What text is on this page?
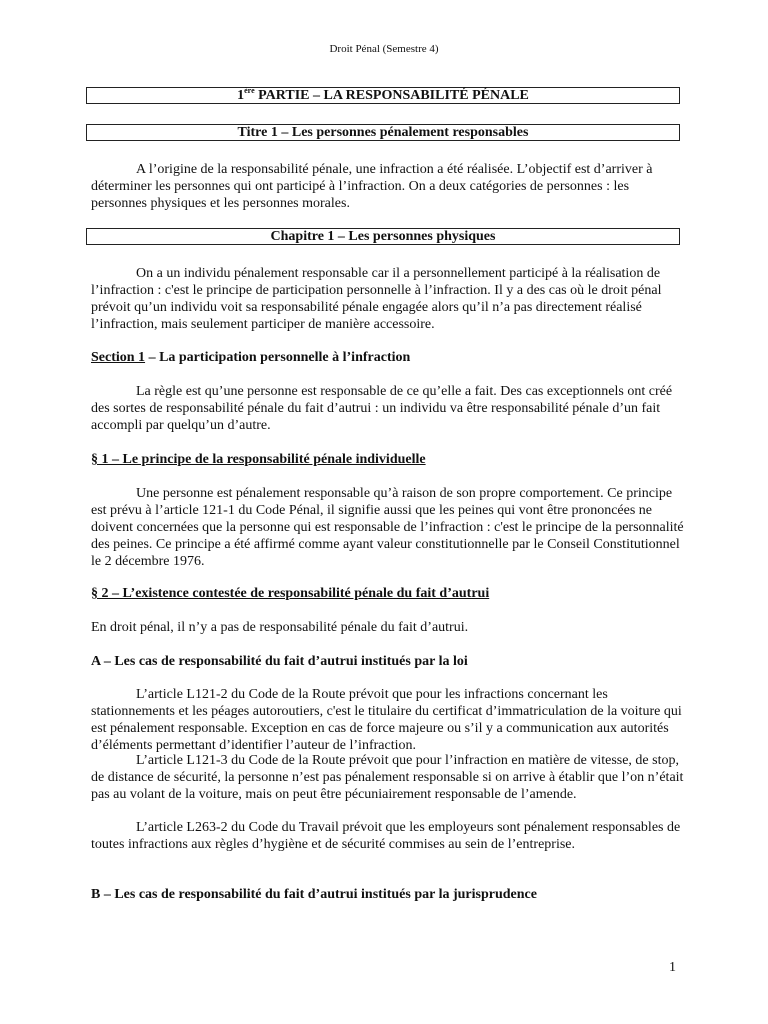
Droit Pénal (Semestre 4)
1ère PARTIE – LA RESPONSABILITÉ PÉNALE
Titre 1 – Les personnes pénalement responsables

A l’origine de la responsabilité pénale, une infraction a été réalisée. L’objectif est d’arriver à déterminer les personnes qui ont participé à l’infraction. On a deux catégories de personnes : les personnes physiques et les personnes morales.

Chapitre 1 – Les personnes physiques

On a un individu pénalement responsable car il a personnellement participé à la réalisation de l’infraction : c'est le principe de participation personnelle à l’infraction. Il y a des cas où le droit pénal prévoit qu’un individu voit sa responsabilité pénale engagée alors qu’il n’a pas directement réalisé l’infraction, mais seulement participer de manière accessoire.

Section 1 – La participation personnelle à l’infraction

La règle est qu’une personne est responsable de ce qu’elle a fait. Des cas exceptionnels ont créé des sortes de responsabilité pénale du fait d’autrui : un individu va être responsabilité pénale d’un fait accompli par quelqu’un d’autre.

§ 1 – Le principe de la responsabilité pénale individuelle

Une personne est pénalement responsable qu’à raison de son propre comportement. Ce principe est prévu à l’article 121-1 du Code Pénal, il signifie aussi que les peines qui vont être prononcées ne doivent concernées que la personne qui est responsable de l’infraction : c'est le principe de la personnalité des peines. Ce principe a été affirmé comme ayant valeur constitutionnelle par le Conseil Constitutionnel le 2 décembre 1976.

§ 2 – L’existence contestée de responsabilité pénale du fait d’autrui

En droit pénal, il n’y a pas de responsabilité pénale du fait d’autrui.

A – Les cas de responsabilité du fait d’autrui institués par la loi

L’article L121-2 du Code de la Route prévoit que pour les infractions concernant les stationnements et les péages autoroutiers, c'est le titulaire du certificat d’immatriculation de la voiture qui est pénalement responsable. Exception en cas de force majeure ou s’il y a communication aux autorités d’éléments permettant d’identifier l’auteur de l’infraction.

L’article L121-3 du Code de la Route prévoit que pour l’infraction en matière de vitesse, de stop, de distance de sécurité, la personne n’est pas pénalement responsable si on arrive à établir que l’on n’était pas au volant de la voiture, mais on peut être pécuniairement responsable de l’amende.

L’article L263-2 du Code du Travail prévoit que les employeurs sont pénalement responsables de toutes infractions aux règles d’hygiène et de sécurité commises au sein de l’entreprise.

B – Les cas de responsabilité du fait d’autrui institués par la jurisprudence

1
